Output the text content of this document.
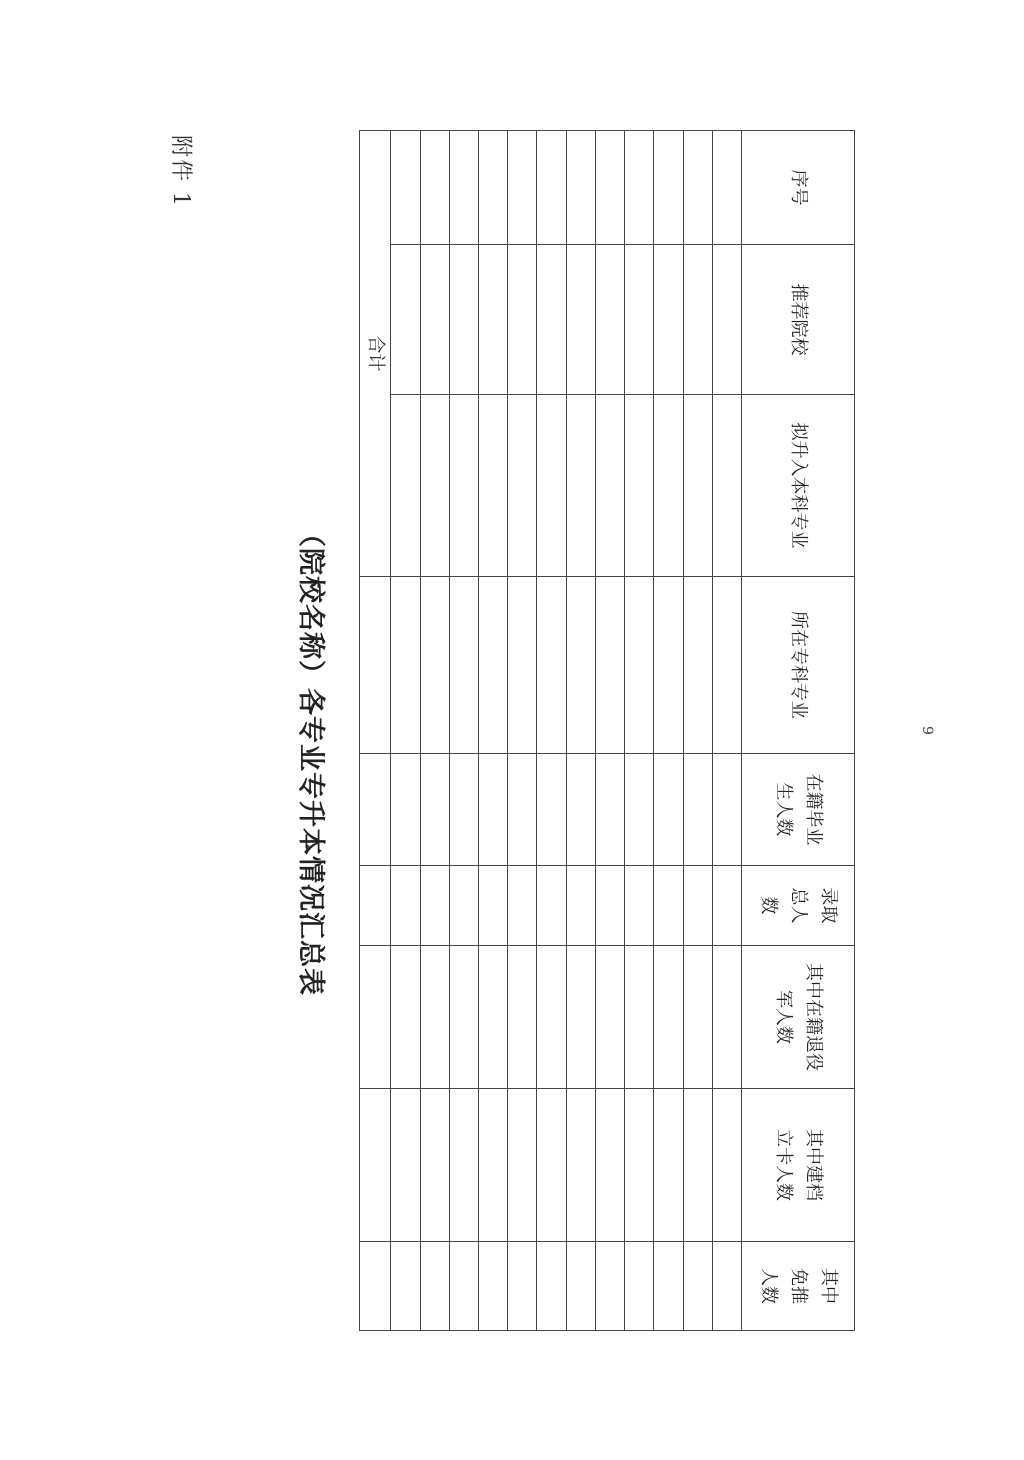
附件 1
（院校名称）各专业专升本情况汇总表
序号	推荐院校	拟升入本科专业	所在专科专业	在籍毕业生人数	录取总人数	其中在籍退役军人数	其中建档立卡人数	其中免推人数

合计								
9
